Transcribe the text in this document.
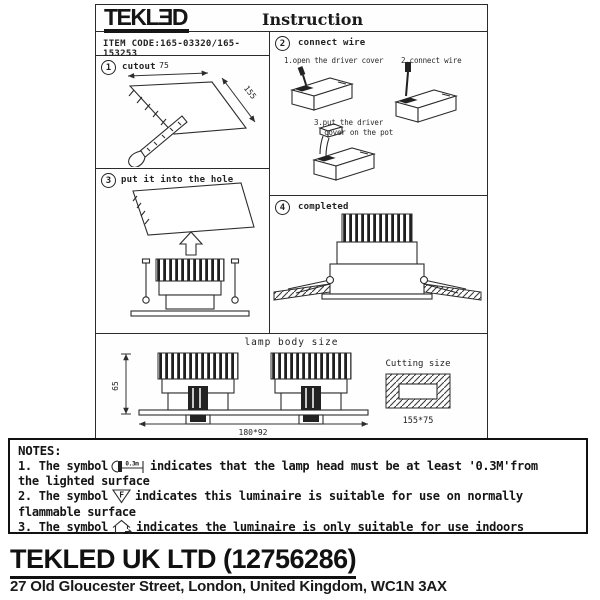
TEKLƎD	Instruction
ITEM CODE:165-03320/165-153253
75
155
1	cutout
2	connect wire
1.open the driver cover 2.connect wire
3.put the driver
cover on the pot
3	put it into the hole
4	completed
65
180*92
155*75
lamp body size
Cutting size
NOTES:
1. The symbol	0.3m indicates that the lamp head must be at least '0.3M'from
the lighted surface
2. The symbol F indicates this luminaire is suitable for use on normally
flammable surface
3. The symbol indicates the luminaire is only suitable for use indoors
TEKLED UK LTD (12756286)
27 Old Gloucester Street, London, United Kingdom, WC1N 3AX
